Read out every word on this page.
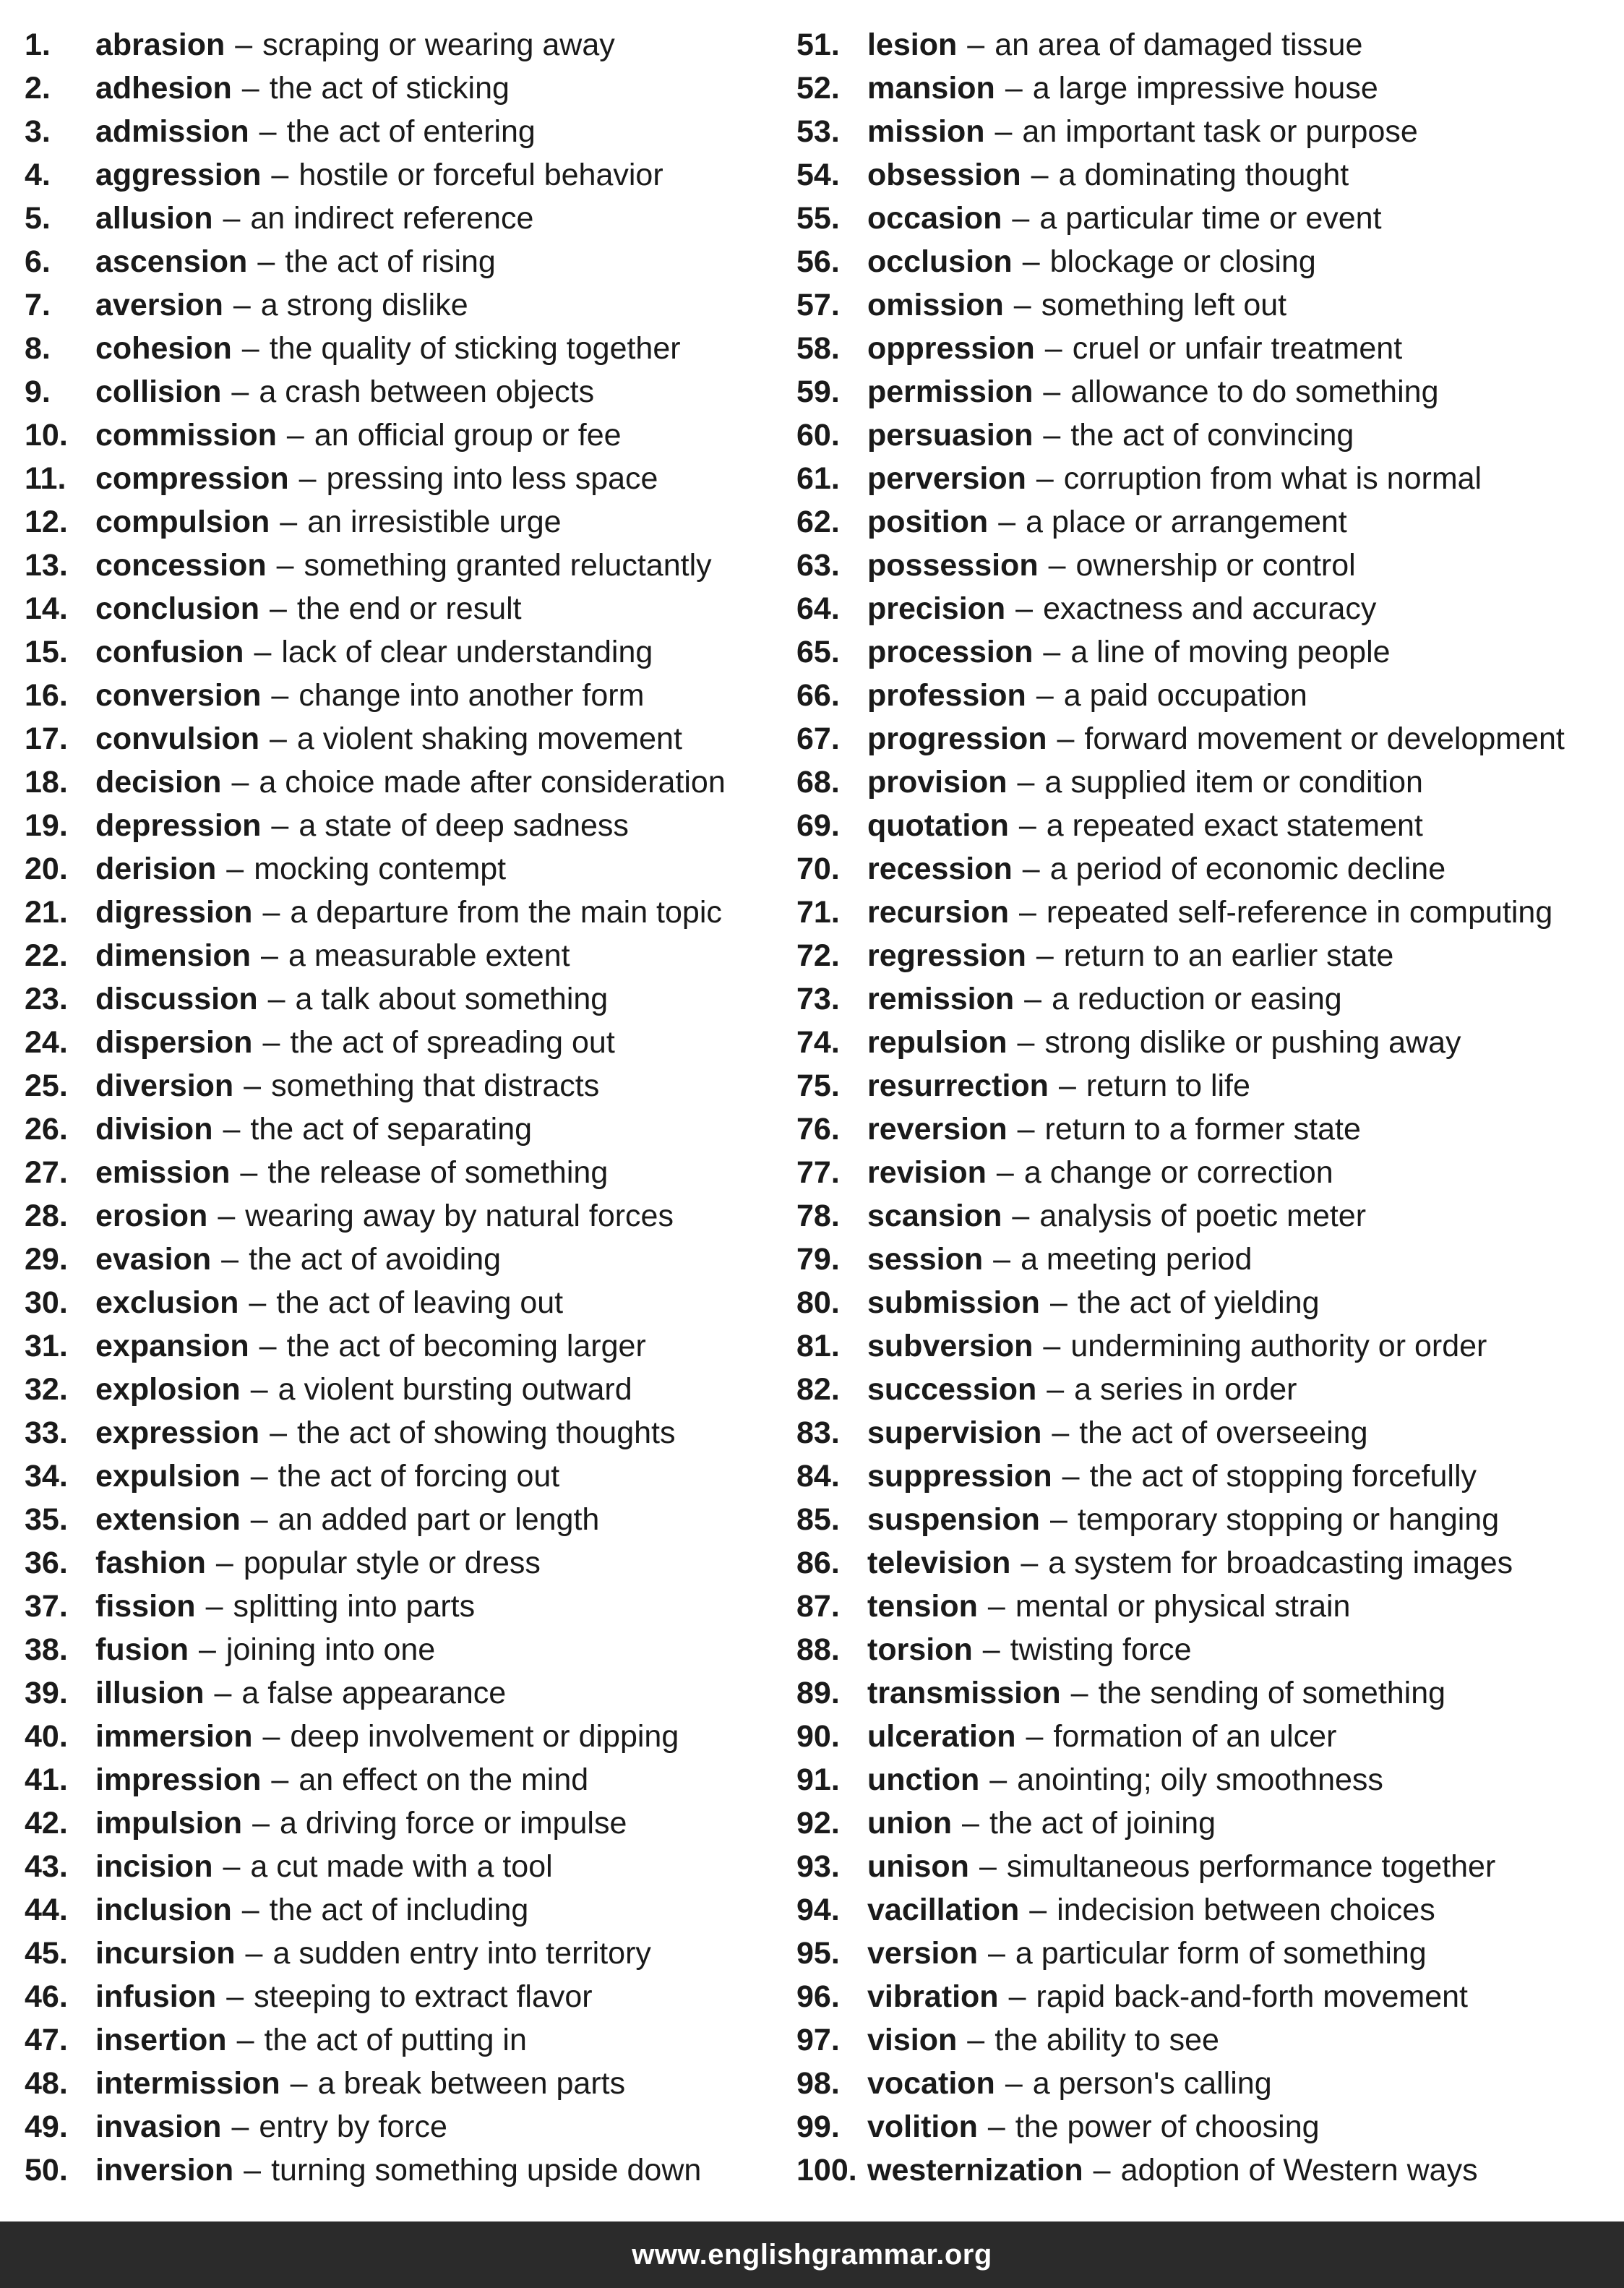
1.	abrasion – scraping or wearing away
2.	adhesion – the act of sticking
3.	admission – the act of entering
4.	aggression – hostile or forceful behavior
5.	allusion – an indirect reference
6.	ascension – the act of rising
7.	aversion – a strong dislike
8.	cohesion – the quality of sticking together
9.	collision – a crash between objects
10. commission – an official group or fee
11. compression – pressing into less space
12. compulsion – an irresistible urge
13. concession – something granted reluctantly
14. conclusion – the end or result
15. confusion – lack of clear understanding
16. conversion – change into another form
17. convulsion – a violent shaking movement
18. decision – a choice made after consideration
19. depression – a state of deep sadness
20. derision – mocking contempt
21. digression – a departure from the main topic
22. dimension – a measurable extent
23. discussion – a talk about something
24. dispersion – the act of spreading out
25. diversion – something that distracts
26. division – the act of separating
27. emission – the release of something
28. erosion – wearing away by natural forces
29. evasion – the act of avoiding
30. exclusion – the act of leaving out
31. expansion – the act of becoming larger
32. explosion – a violent bursting outward
33. expression – the act of showing thoughts
34. expulsion – the act of forcing out
35. extension – an added part or length
36. fashion – popular style or dress
37. fission – splitting into parts
38. fusion – joining into one
39. illusion – a false appearance
40. immersion – deep involvement or dipping
41. impression – an effect on the mind
42. impulsion – a driving force or impulse
43. incision – a cut made with a tool
44. inclusion – the act of including
45. incursion – a sudden entry into territory
46. infusion – steeping to extract flavor
47. insertion – the act of putting in
48. intermission – a break between parts
49. invasion – entry by force
50. inversion – turning something upside down
51. lesion – an area of damaged tissue
52. mansion – a large impressive house
53. mission – an important task or purpose
54. obsession – a dominating thought
55. occasion – a particular time or event
56. occlusion – blockage or closing
57. omission – something left out
58. oppression – cruel or unfair treatment
59. permission – allowance to do something
60. persuasion – the act of convincing
61. perversion – corruption from what is normal
62. position – a place or arrangement
63. possession – ownership or control
64. precision – exactness and accuracy
65. procession – a line of moving people
66. profession – a paid occupation
67. progression – forward movement or development
68. provision – a supplied item or condition
69. quotation – a repeated exact statement
70. recession – a period of economic decline
71. recursion – repeated self-reference in computing
72. regression – return to an earlier state
73. remission – a reduction or easing
74. repulsion – strong dislike or pushing away
75. resurrection – return to life
76. reversion – return to a former state
77. revision – a change or correction
78. scansion – analysis of poetic meter
79. session – a meeting period
80. submission – the act of yielding
81. subversion – undermining authority or order
82. succession – a series in order
83. supervision – the act of overseeing
84. suppression – the act of stopping forcefully
85. suspension – temporary stopping or hanging
86. television – a system for broadcasting images
87. tension – mental or physical strain
88. torsion – twisting force
89. transmission – the sending of something
90. ulceration – formation of an ulcer
91. unction – anointing; oily smoothness
92. union – the act of joining
93. unison – simultaneous performance together
94. vacillation – indecision between choices
95. version – a particular form of something
96. vibration – rapid back-and-forth movement
97. vision – the ability to see
98. vocation – a person's calling
99. volition – the power of choosing
100. westernization – adoption of Western ways
www.englishgrammar.org
